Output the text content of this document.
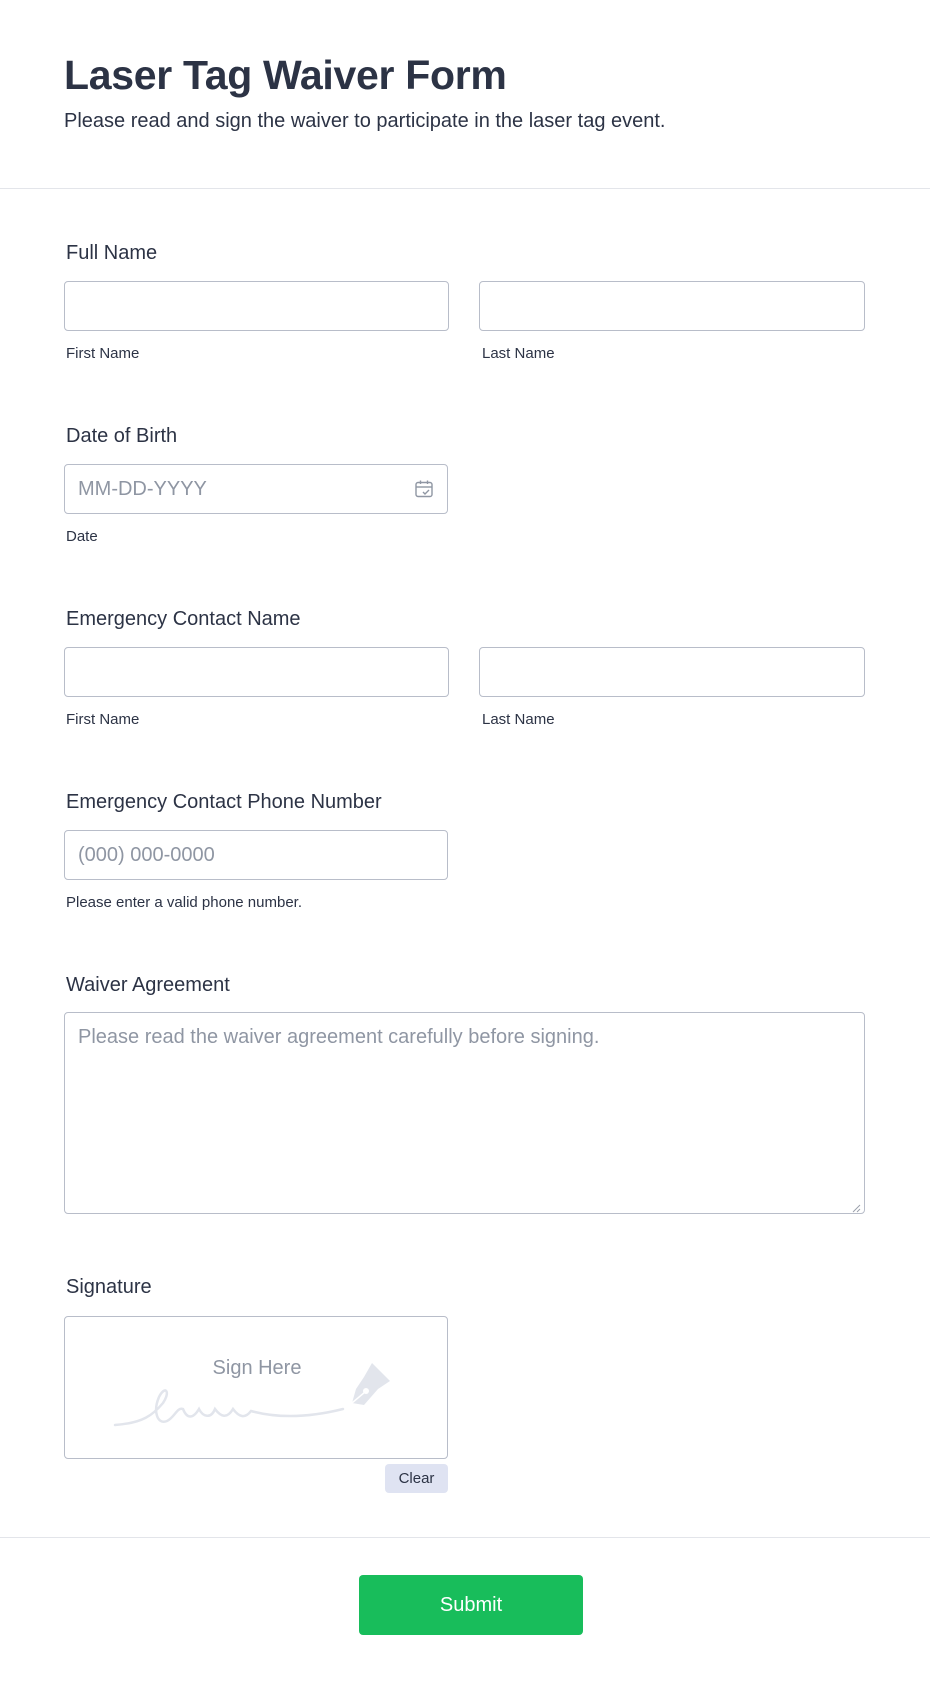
Laser Tag Waiver Form

Please read and sign the waiver to participate in the laser tag event.

Full Name
First Name	Last Name
Date of Birth
MM-DD-YYYY
Date
Emergency Contact Name
First Name	Last Name
Emergency Contact Phone Number
(000) 000-0000
Please enter a valid phone number.
Waiver Agreement
Please read the waiver agreement carefully before signing.
Signature
Sign Here
Clear
Submit
